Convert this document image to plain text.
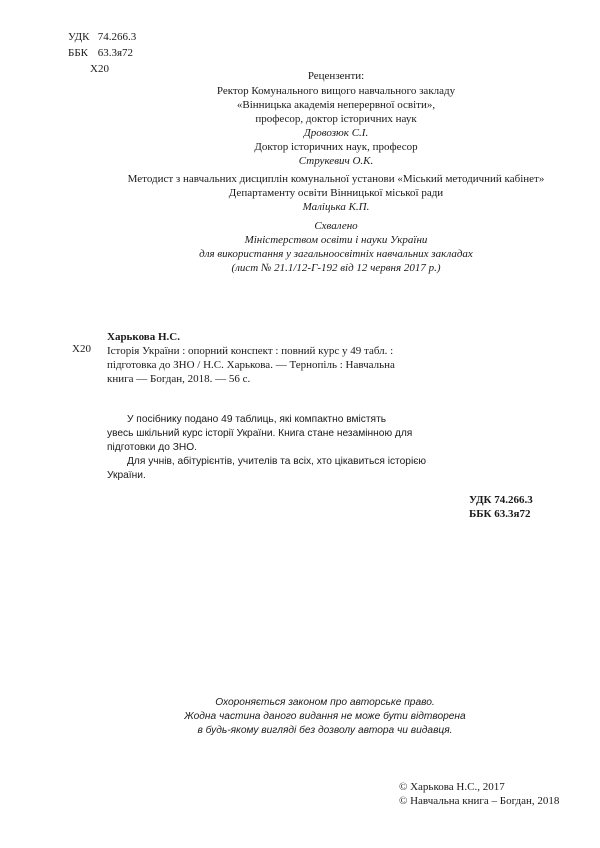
УДК 74.266.3
ББК 63.3я72
Х20
Рецензенти:
Ректор Комунального вищого навчального закладу
«Вінницька академія неперервної освіти»,
професор, доктор історичних наук
Дровозюк С.І.
Доктор історичних наук, професор
Струкевич О.К.
Методист з навчальних дисциплін комунальної установи «Міський методичний кабінет»
Департаменту освіти Вінницької міської ради
Маліцька К.П.
Схвалено
Міністерством освіти і науки України
для використання у загальноосвітніх навчальних закладах
(лист № 21.1/12-Г-192 від 12 червня 2017 р.)
Х20
Харькова Н.С.
Історія України : опорний конспект : повний курс у 49 табл. :
підготовка до ЗНО / Н.С. Харькова. — Тернопіль : Навчальна
книга — Богдан, 2018. — 56 с.
У посібнику подано 49 таблиць, які компактно вмістять
увесь шкільний курс історії України. Книга стане незамінною для
підготовки до ЗНО.
Для учнів, абітурієнтів, учителів та всіх, хто цікавиться історією
України.
УДК 74.266.3
ББК 63.3я72
Охороняється законом про авторське право.
Жодна частина даного видання не може бути відтворена
в будь-якому вигляді без дозволу автора чи видавця.
© Харькова Н.С., 2017
© Навчальна книга – Богдан, 2018
